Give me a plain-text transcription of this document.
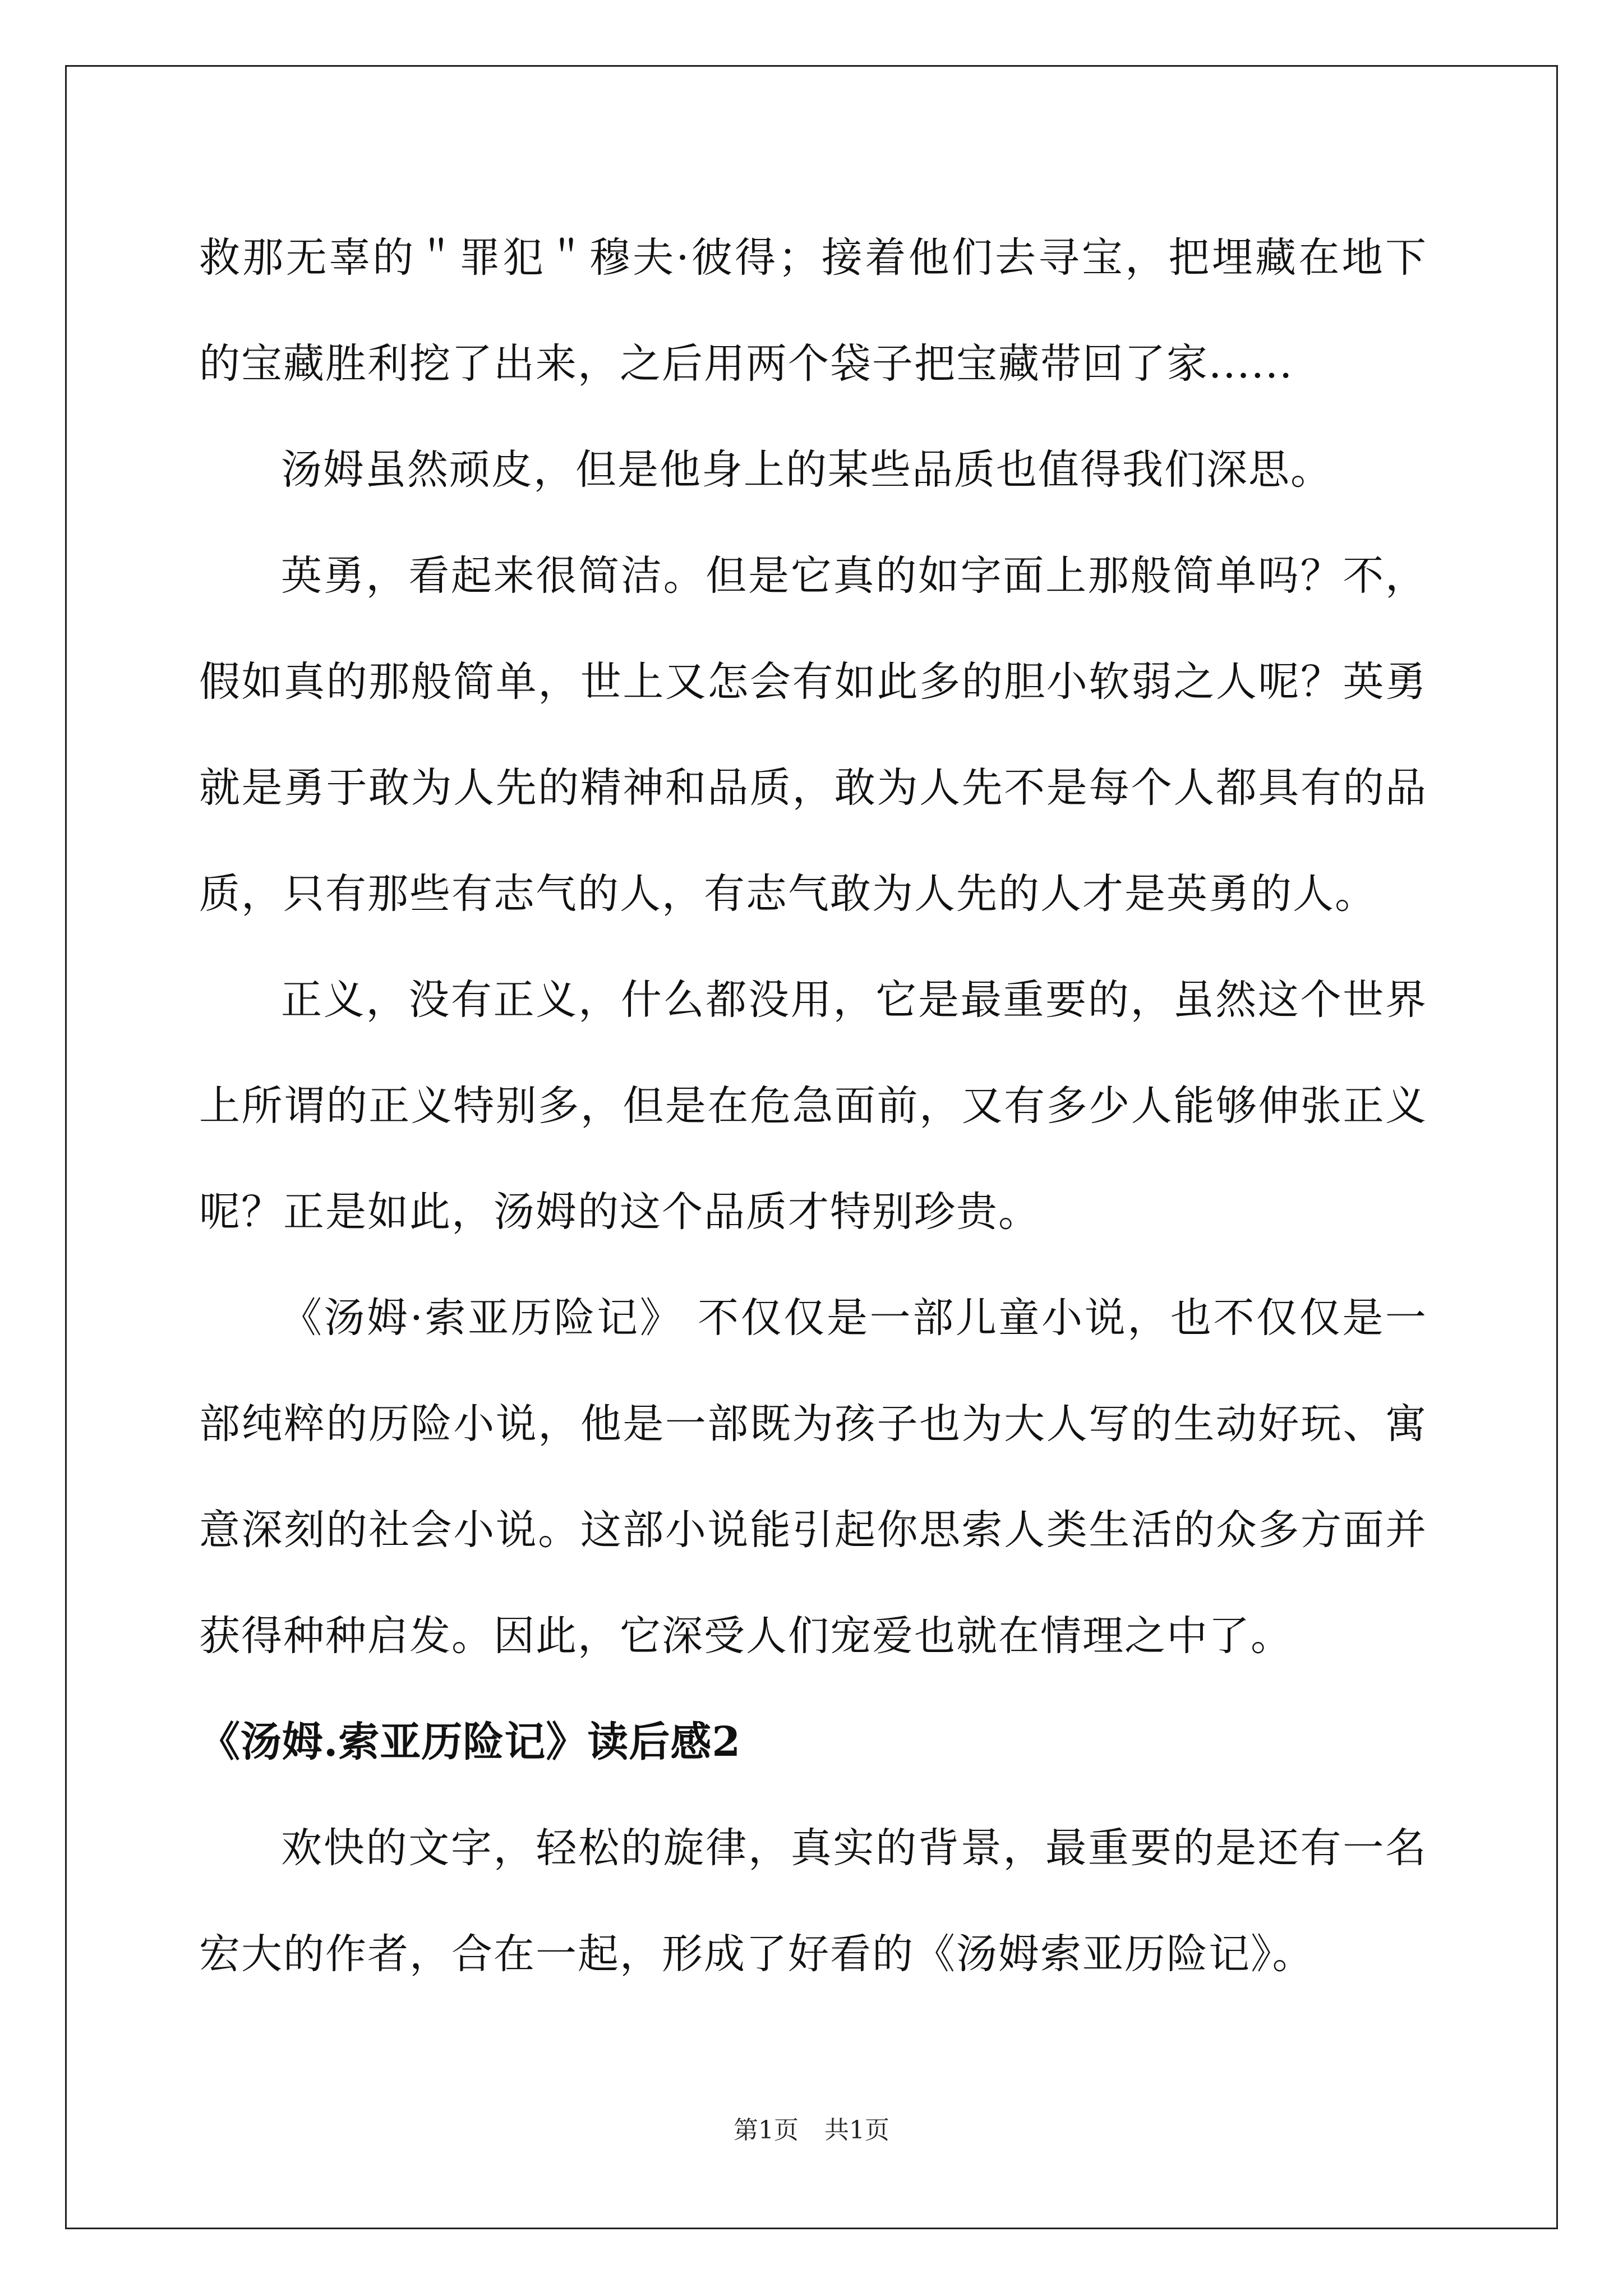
救那无辜的＂罪犯＂穆夫·彼得；接着他们去寻宝，把埋藏在地下的宝藏胜利挖了出来，之后用两个袋子把宝藏带回了家......

汤姆虽然顽皮，但是他身上的某些品质也值得我们深思。

英勇，看起来很简洁。但是它真的如字面上那般简单吗？不，假如真的那般简单，世上又怎会有如此多的胆小软弱之人呢？英勇就是勇于敢为人先的精神和品质，敢为人先不是每个人都具有的品质，只有那些有志气的人，有志气敢为人先的人才是英勇的人。

正义，没有正义，什么都没用，它是最重要的，虽然这个世界上所谓的正义特别多，但是在危急面前，又有多少人能够伸张正义呢？正是如此，汤姆的这个品质才特别珍贵。

《汤姆·索亚历险记》 不仅仅是一部儿童小说，也不仅仅是一部纯粹的历险小说，他是一部既为孩子也为大人写的生动好玩、寓意深刻的社会小说。这部小说能引起你思索人类生活的众多方面并获得种种启发。因此，它深受人们宠爱也就在情理之中了。

《汤姆.索亚历险记》读后感2

欢快的文字，轻松的旋律，真实的背景，最重要的是还有一名宏大的作者，合在一起，形成了好看的《汤姆索亚历险记》。

第1页 共1页
